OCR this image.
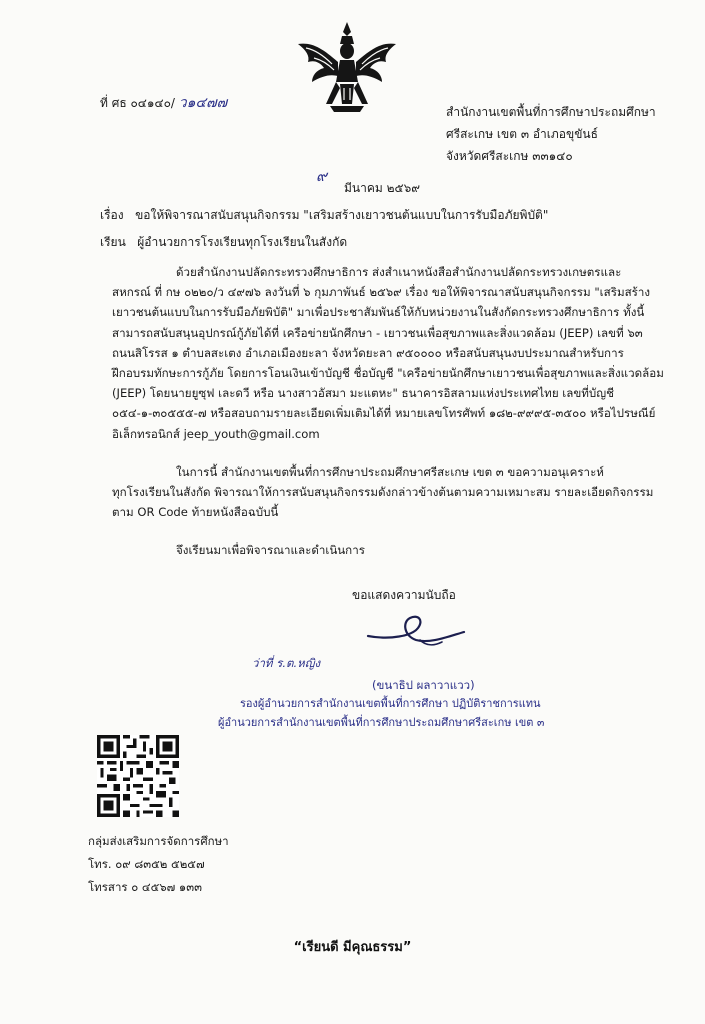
ที่ ศธ ๐๔๑๔๐/ ว๑๔๗๗
สำนักงานเขตพื้นที่การศึกษาประถมศึกษา
ศรีสะเกษ เขต ๓ อำเภอขุขันธ์
จังหวัดศรีสะเกษ ๓๓๑๔๐
๙
มีนาคม ๒๕๖๙
เรื่อง ขอให้พิจารณาสนับสนุนกิจกรรม "เสริมสร้างเยาวชนต้นแบบในการรับมือภัยพิบัติ"
เรียน ผู้อำนวยการโรงเรียนทุกโรงเรียนในสังกัด
ด้วยสำนักงานปลัดกระทรวงศึกษาธิการ ส่งสำเนาหนังสือสำนักงานปลัดกระทรวงเกษตรและ
สหกรณ์ ที่ กษ ๐๒๒๐/ว ๔๙๗๖ ลงวันที่ ๖ กุมภาพันธ์ ๒๕๖๙ เรื่อง ขอให้พิจารณาสนับสนุนกิจกรรม "เสริมสร้าง
เยาวชนต้นแบบในการรับมือภัยพิบัติ" มาเพื่อประชาสัมพันธ์ให้กับหน่วยงานในสังกัดกระทรวงศึกษาธิการ ทั้งนี้
สามารถสนับสนุนอุปกรณ์กู้ภัยได้ที่ เครือข่ายนักศึกษา - เยาวชนเพื่อสุขภาพและสิ่งแวดล้อม (JEEP) เลขที่ ๖๓
ถนนสิโรรส ๑ ตำบลสะเตง อำเภอเมืองยะลา จังหวัดยะลา ๙๕๐๐๐๐ หรือสนับสนุนงบประมาณสำหรับการ
ฝึกอบรมทักษะการกู้ภัย โดยการโอนเงินเข้าบัญชี ชื่อบัญชี "เครือข่ายนักศึกษาเยาวชนเพื่อสุขภาพและสิ่งแวดล้อม
(JEEP) โดยนายยูซุฟ เละดวี หรือ นางสาวอัสมา มะแตหะ" ธนาคารอิสลามแห่งประเทศไทย เลขที่บัญชี
๐๕๔-๑-๓๐๕๕๕-๗ หรือสอบถามรายละเอียดเพิ่มเติมได้ที่ หมายเลขโทรศัพท์ ๑๘๒-๙๙๙๕-๓๕๐๐ หรือไปรษณีย์
อิเล็กทรอนิกส์ jeep_youth@gmail.com
ในการนี้ สำนักงานเขตพื้นที่การศึกษาประถมศึกษาศรีสะเกษ เขต ๓ ขอความอนุเคราะห์
ทุกโรงเรียนในสังกัด พิจารณาให้การสนับสนุนกิจกรรมดังกล่าวข้างต้นตามความเหมาะสม รายละเอียดกิจกรรม
ตาม OR Code ท้ายหนังสือฉบับนี้
จึงเรียนมาเพื่อพิจารณาและดำเนินการ
ขอแสดงความนับถือ
ว่าที่ ร.ต.หญิง
(ขนาธิป ผลาวาแวว)
รองผู้อำนวยการสำนักงานเขตพื้นที่การศึกษา ปฏิบัติราชการแทน
ผู้อำนวยการสำนักงานเขตพื้นที่การศึกษาประถมศึกษาศรีสะเกษ เขต ๓
กลุ่มส่งเสริมการจัดการศึกษา
โทร. ๐๙ ๘๓๕๒ ๕๒๕๗
โทรสาร ๐ ๔๕๖๗ ๑๓๓
“เรียนดี มีคุณธรรม”
